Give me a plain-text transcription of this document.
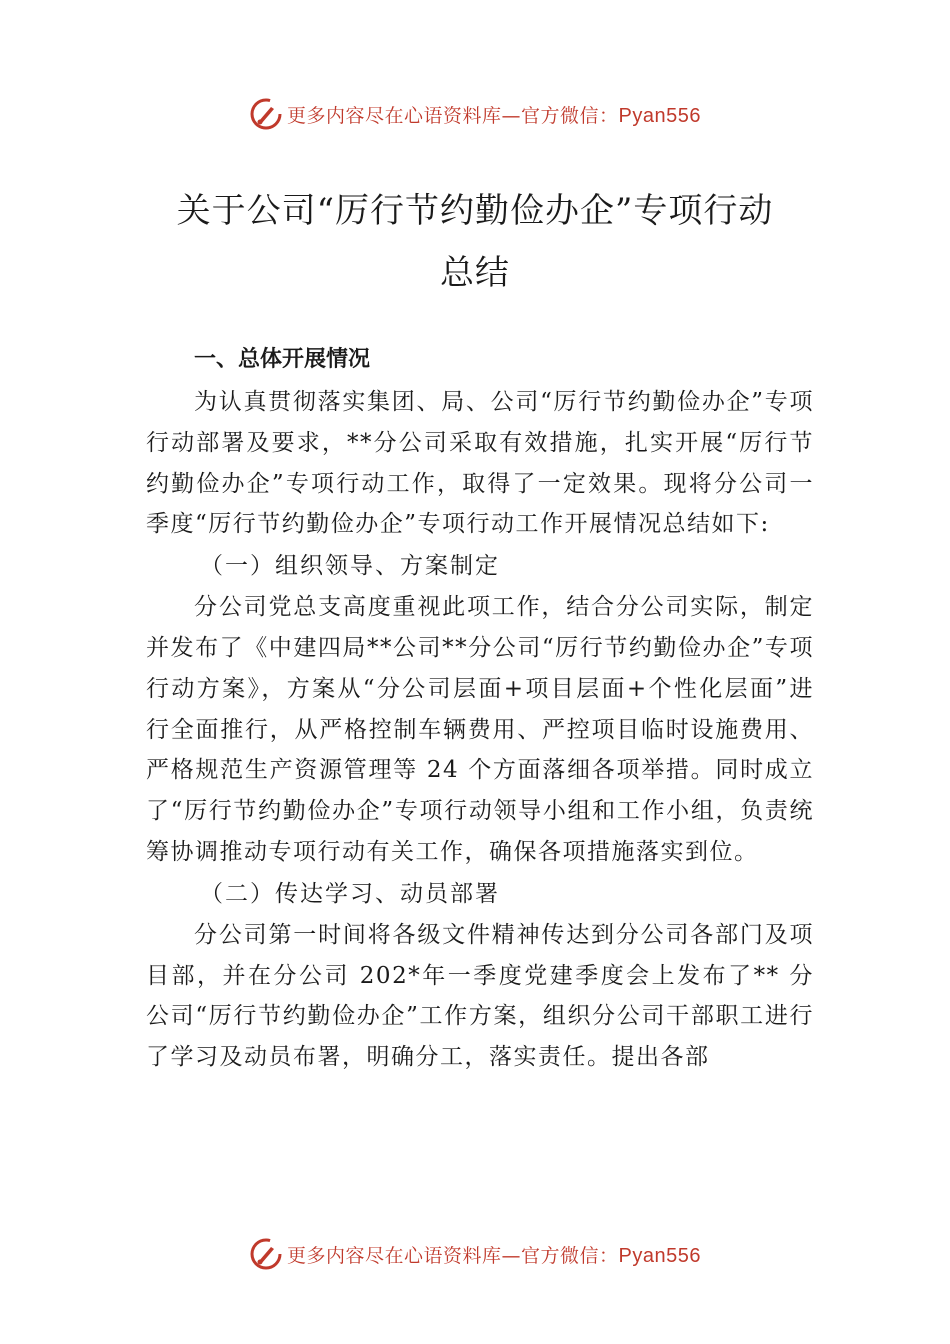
更多内容尽在心语资料库—官方微信：Pyan556
关于公司“厉行节约勤俭办企”专项行动
总结

一、总体开展情况

为认真贯彻落实集团、局、公司“厉行节约勤俭办企”专项行动部署及要求，**分公司采取有效措施，扎实开展“厉行节约勤俭办企”专项行动工作，取得了一定效果。现将分公司一季度“厉行节约勤俭办企”专项行动工作开展情况总结如下:

（一）组织领导、方案制定

分公司党总支高度重视此项工作，结合分公司实际，制定并发布了《中建四局**公司**分公司“厉行节约勤俭办企”专项行动方案》，方案从“分公司层面+项目层面+个性化层面”进行全面推行，从严格控制车辆费用、严控项目临时设施费用、严格规范生产资源管理等 24 个方面落细各项举措。同时成立了“厉行节约勤俭办企”专项行动领导小组和工作小组，负责统筹协调推动专项行动有关工作，确保各项措施落实到位。

（二）传达学习、动员部署

分公司第一时间将各级文件精神传达到分公司各部门及项目部，并在分公司 202*年一季度党建季度会上发布了** 分公司“厉行节约勤俭办企”工作方案，组织分公司干部职工进行了学习及动员布署，明确分工，落实责任。提出各部

更多内容尽在心语资料库—官方微信：Pyan556
